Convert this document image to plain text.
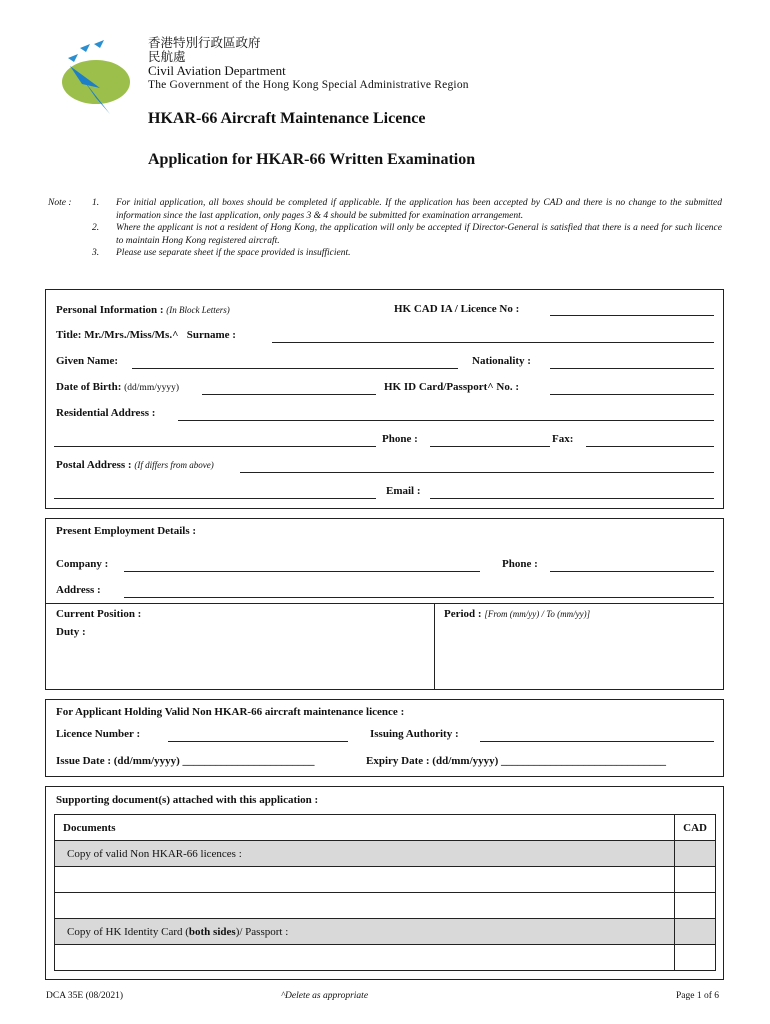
香港特別行政區政府
民航處
Civil Aviation Department
The Government of the Hong Kong Special Administrative Region
HKAR-66 Aircraft Maintenance Licence
Application for HKAR-66 Written Examination
Note : 1. For initial application, all boxes should be completed if applicable. If the application has been accepted by CAD and there is no change to the submitted information since the last application, only pages 3 & 4 should be submitted for examination arrangement.
2. Where the applicant is not a resident of Hong Kong, the application will only be accepted if Director-General is satisfied that there is a need for such licence to maintain Hong Kong registered aircraft.
3. Please use separate sheet if the space provided is insufficient.
Personal Information : (In Block Letters)	HK CAD IA / Licence No :
Title: Mr./Mrs./Miss/Ms.^ Surname :
Given Name:	Nationality :
Date of Birth: (dd/mm/yyyy)	HK ID Card/Passport^ No. :
Residential Address :
Phone :	Fax:
Postal Address : (If differs from above)
Email :
Present Employment Details :
Company :	Phone :
Address :
Current Position :
Duty :
Period : [From (mm/yy) / To (mm/yy)]
For Applicant Holding Valid Non HKAR-66 aircraft maintenance licence :
Licence Number :	Issuing Authority :
Issue Date : (dd/mm/yyyy) ________________________	Expiry Date : (dd/mm/yyyy) ______________________________
Supporting document(s) attached with this application :
Documents	CAD
Copy of valid Non HKAR-66 licences :	

Copy of HK Identity Card (both sides)/ Passport :	

DCA 35E (08/2021)	^Delete as appropriate	Page 1 of 6
